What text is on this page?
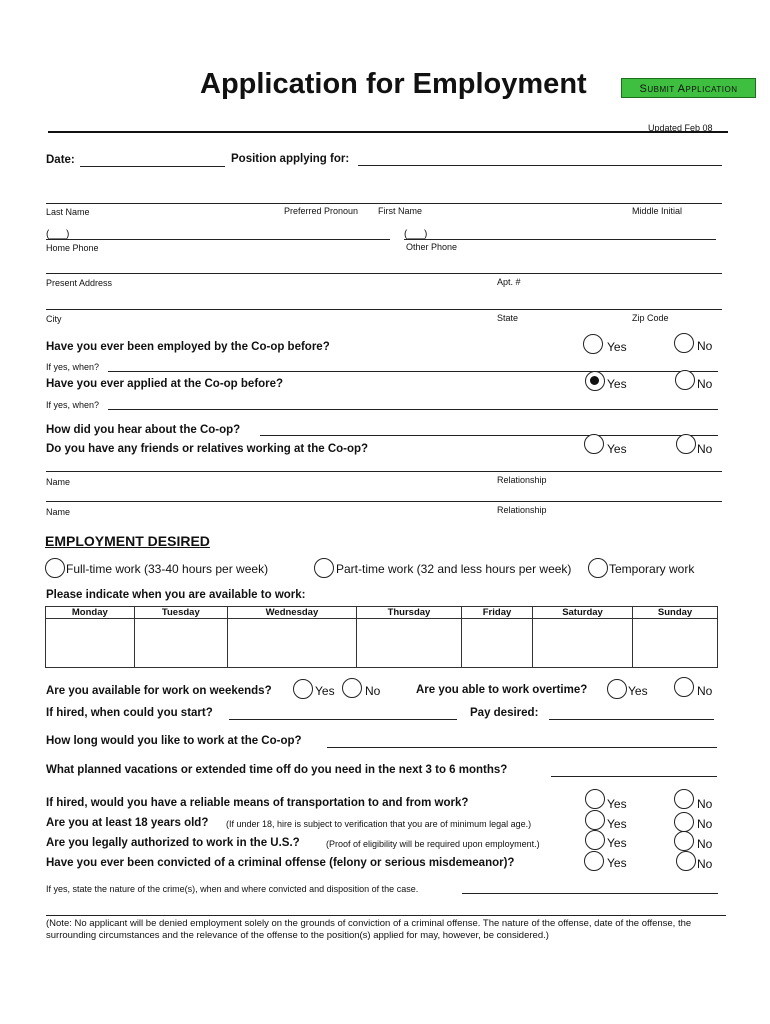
Application for Employment	Submit Application
Updated Feb 08
Date:	Position applying for:
Last Name	Preferred Pronoun First Name	Middle Initial
(___)	(___)
Home Phone	Other Phone
Present Address	Apt. #
City	State	Zip Code
Have you ever been employed by the Co-op before?	Yes	No
If yes, when?
Have you ever applied at the Co-op before?	Yes	No
If yes, when?
How did you hear about the Co-op?
Do you have any friends or relatives working at the Co-op?	Yes	No
Name	Relationship
Name	Relationship
EMPLOYMENT DESIRED
Full-time work (33-40 hours per week)	Part-time work (32 and less hours per week)	Temporary work
Please indicate when you are available to work:
Monday	Tuesday	Wednesday	Thursday	Friday	Saturday	Sunday

Are you available for work on weekends?	Yes	No	Are you able to work overtime?	Yes	No
If hired, when could you start?	Pay desired:
How long would you like to work at the Co-op?
What planned vacations or extended time off do you need in the next 3 to 6 months?
If hired, would you have a reliable means of transportation to and from work?	Yes	No
Are you at least 18 years old? (If under 18, hire is subject to verification that you are of minimum legal age.)	Yes	No
Are you legally authorized to work in the U.S.?	(Proof of eligibility will be required upon employment.)	Yes	No
Have you ever been convicted of a criminal offense (felony or serious misdemeanor)?	Yes	No
If yes, state the nature of the crime(s), when and where convicted and disposition of the case.
(Note: No applicant will be denied employment solely on the grounds of conviction of a criminal offense. The nature of the offense, date of the offense, the surrounding circumstances and the relevance of the offense to the position(s) applied for may, however, be considered.)
